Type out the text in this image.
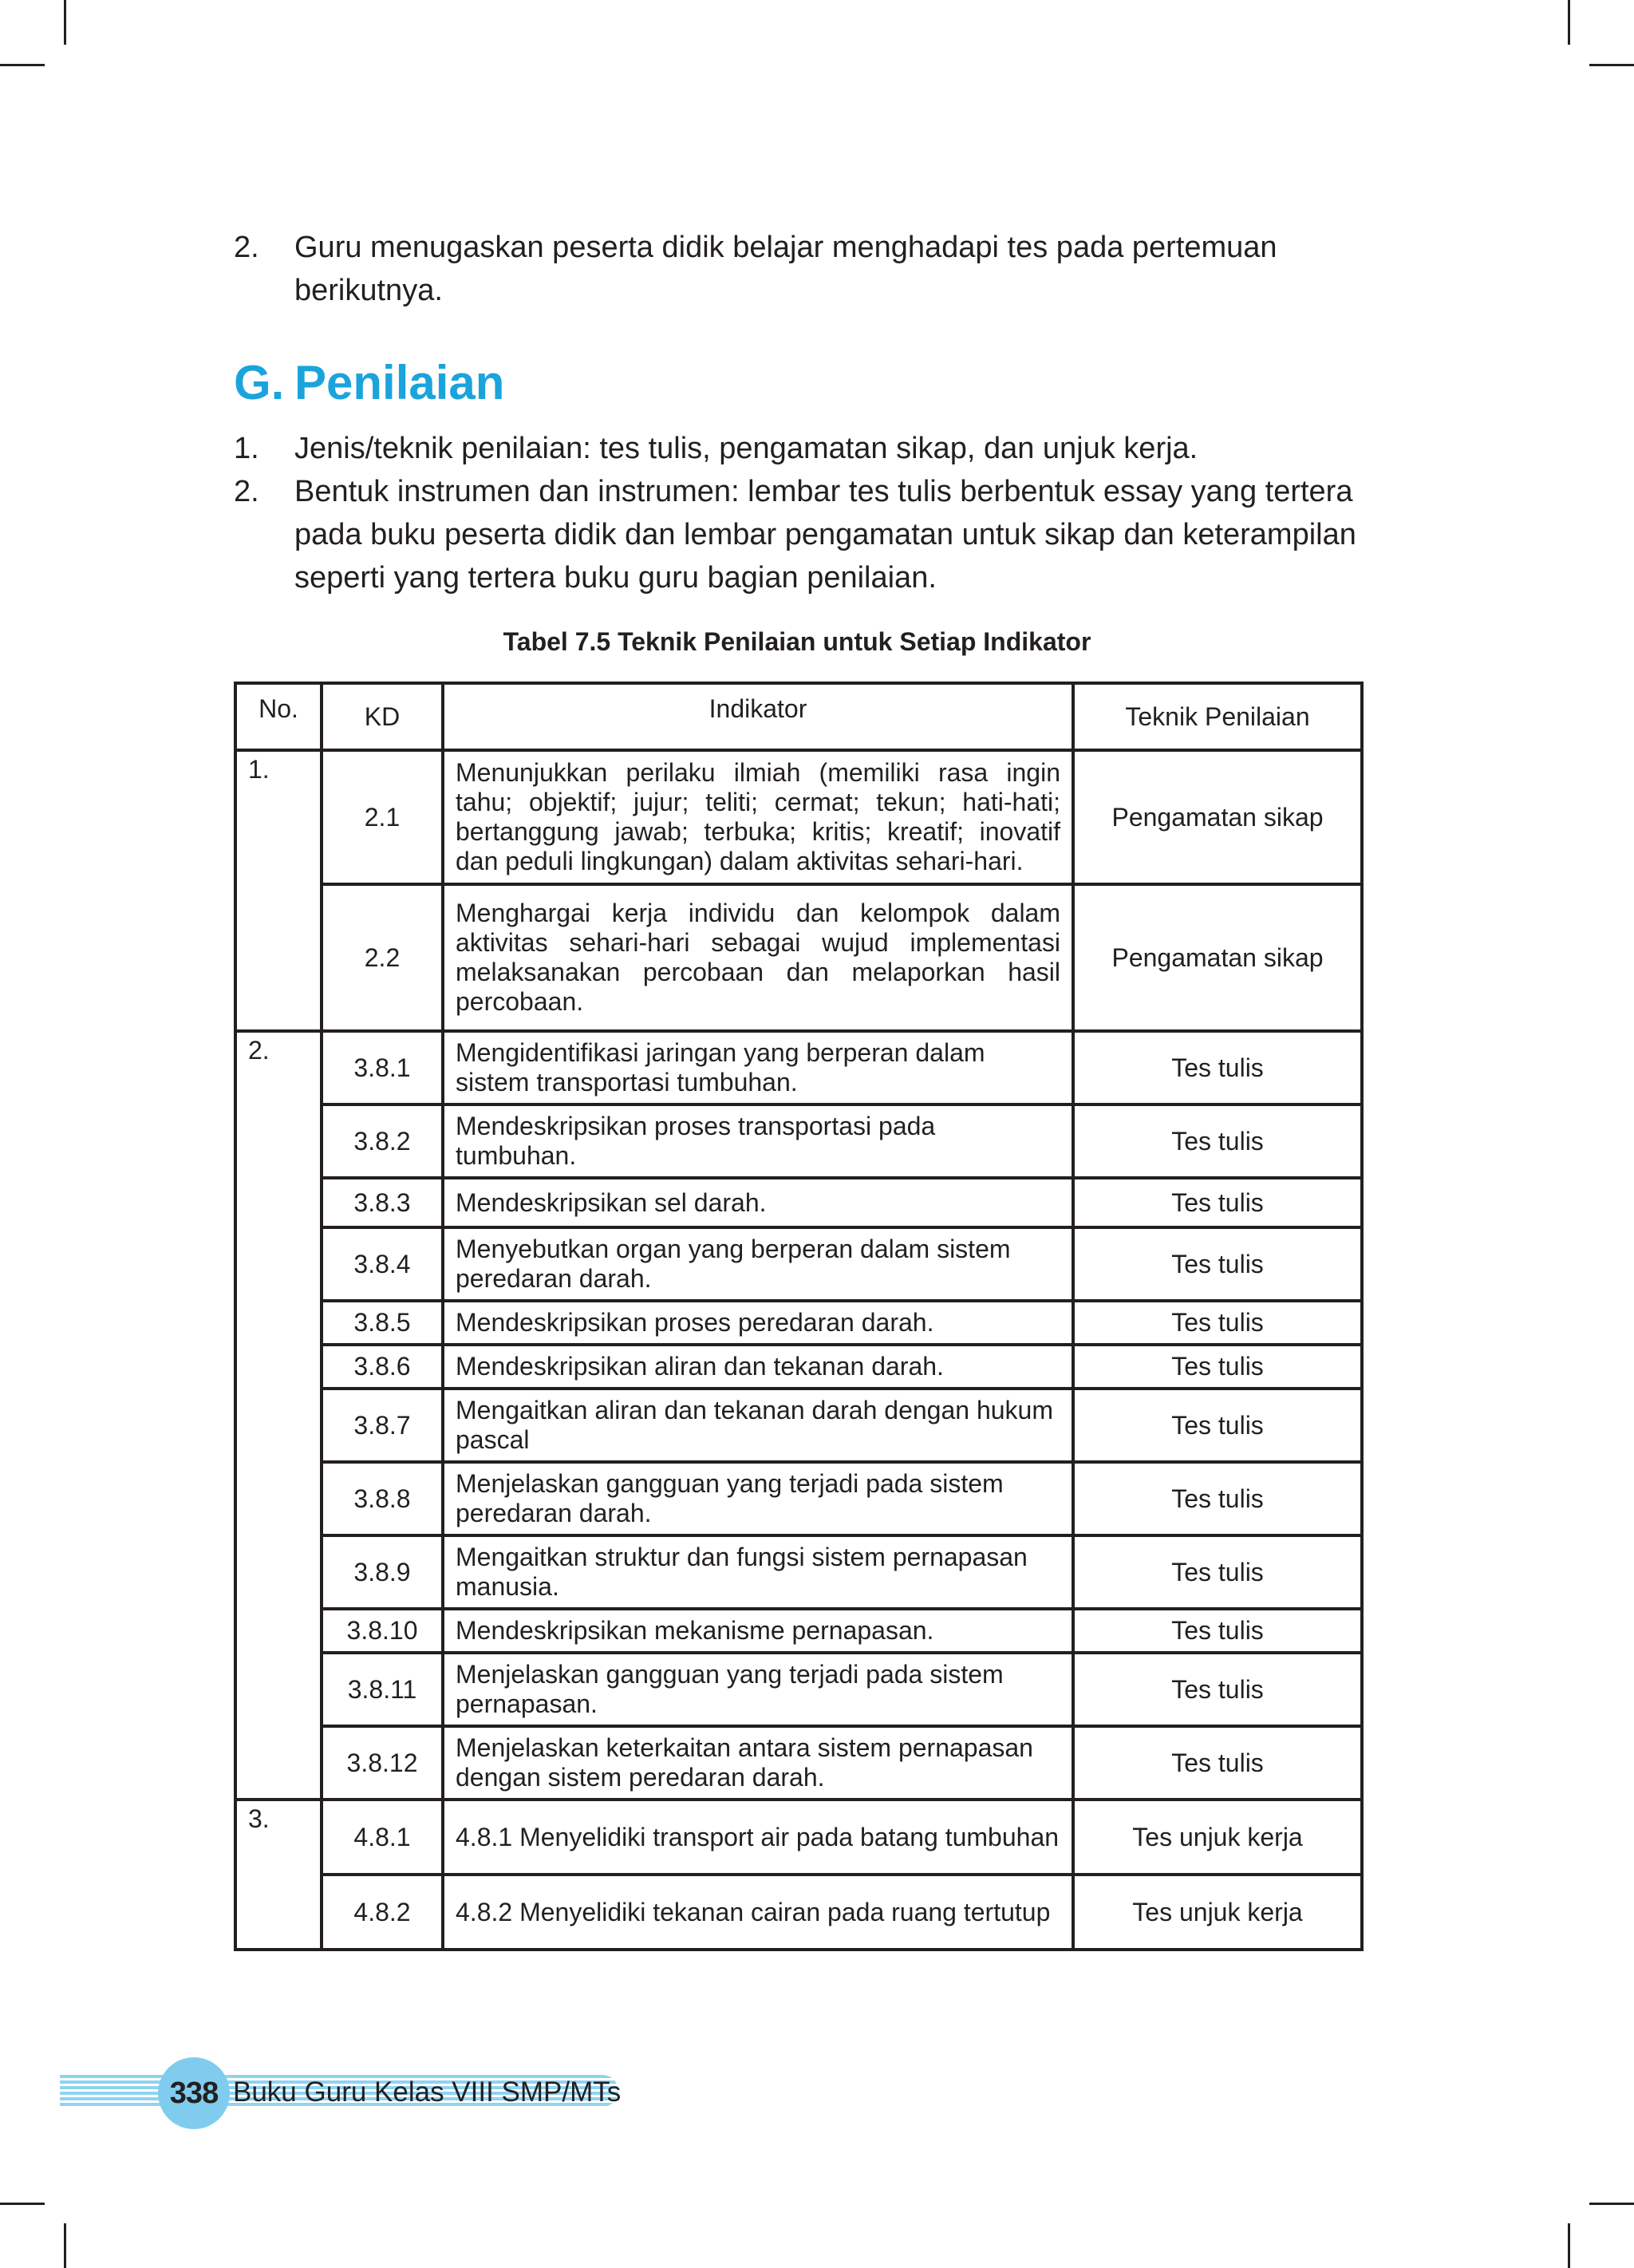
2. Guru menugaskan peserta didik belajar menghadapi tes pada pertemuan berikutnya.
G. Penilaian
1. Jenis/teknik penilaian: tes tulis, pengamatan sikap, dan unjuk kerja.
2. Bentuk instrumen dan instrumen: lembar tes tulis berbentuk essay yang tertera pada buku peserta didik dan lembar pengamatan untuk sikap dan keterampilan seperti yang tertera buku guru bagian penilaian.

Tabel 7.5 Teknik Penilaian untuk Setiap Indikator

No.	KD	Indikator	Teknik Penilaian
1.	2.1	Menunjukkan perilaku ilmiah (memiliki rasa ingin tahu; objektif; jujur; teliti; cermat; tekun; hati-hati; bertanggung jawab; terbuka; kritis; kreatif; inovatif dan peduli lingkungan) dalam aktivitas sehari-hari.	Pengamatan sikap
	2.2	Menghargai kerja individu dan kelompok dalam aktivitas sehari-hari sebagai wujud implementasi melaksanakan percobaan dan melaporkan hasil percobaan.	Pengamatan sikap
2.	3.8.1	Mengidentifikasi jaringan yang berperan dalam sistem transportasi tumbuhan.	Tes tulis
	3.8.2	Mendeskripsikan proses transportasi pada tumbuhan.	Tes tulis
	3.8.3	Mendeskripsikan sel darah.	Tes tulis
	3.8.4	Menyebutkan organ yang berperan dalam sistem peredaran darah.	Tes tulis
	3.8.5	Mendeskripsikan proses peredaran darah.	Tes tulis
	3.8.6	Mendeskripsikan aliran dan tekanan darah.	Tes tulis
	3.8.7	Mengaitkan aliran dan tekanan darah dengan hukum pascal	Tes tulis
	3.8.8	Menjelaskan gangguan yang terjadi pada sistem peredaran darah.	Tes tulis
	3.8.9	Mengaitkan struktur dan fungsi sistem pernapasan manusia.	Tes tulis
	3.8.10	Mendeskripsikan mekanisme pernapasan.	Tes tulis
	3.8.11	Menjelaskan gangguan yang terjadi pada sistem pernapasan.	Tes tulis
	3.8.12	Menjelaskan keterkaitan antara sistem pernapasan dengan sistem peredaran darah.	Tes tulis
3.	4.8.1	4.8.1 Menyelidiki transport air pada batang tumbuhan	Tes unjuk kerja
	4.8.2	4.8.2 Menyelidiki tekanan cairan pada ruang tertutup	Tes unjuk kerja
338 Buku Guru Kelas VIII SMP/MTs
